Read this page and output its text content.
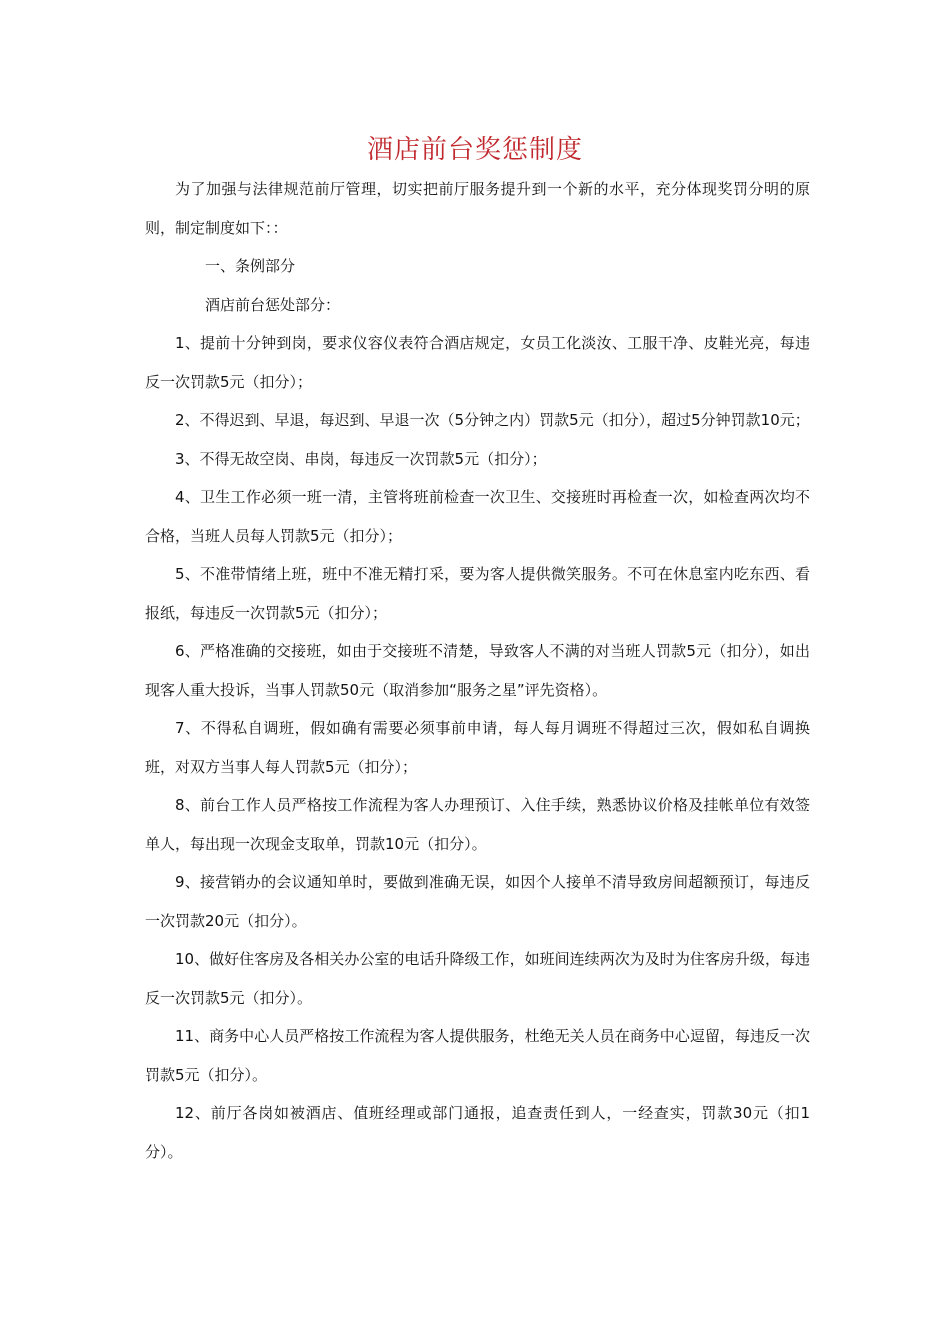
酒店前台奖惩制度

为了加强与法律规范前厅管理，切实把前厅服务提升到一个新的水平，充分体现奖罚分明的原则，制定制度如下：：

一、条例部分

酒店前台惩处部分：

1、提前十分钟到岗，要求仪容仪表符合酒店规定，女员工化淡汝、工服干净、皮鞋光亮，每违反一次罚款5元（扣分）；

2、不得迟到、早退，每迟到、早退一次（5分钟之内）罚款5元（扣分），超过5分钟罚款10元；

3、不得无故空岗、串岗，每违反一次罚款5元（扣分）；

4、卫生工作必须一班一清，主管将班前检查一次卫生、交接班时再检查一次，如检查两次均不合格，当班人员每人罚款5元（扣分）；

5、不准带情绪上班，班中不准无精打采，要为客人提供微笑服务。不可在休息室内吃东西、看报纸，每违反一次罚款5元（扣分）；

6、严格准确的交接班，如由于交接班不清楚，导致客人不满的对当班人罚款5元（扣分），如出现客人重大投诉，当事人罚款50元（取消参加“服务之星”评先资格）。

7、不得私自调班，假如确有需要必须事前申请，每人每月调班不得超过三次，假如私自调换班，对双方当事人每人罚款5元（扣分）；

8、前台工作人员严格按工作流程为客人办理预订、入住手续，熟悉协议价格及挂帐单位有效签单人，每出现一次现金支取单，罚款10元（扣分）。

9、接营销办的会议通知单时，要做到准确无误，如因个人接单不清导致房间超额预订，每违反一次罚款20元（扣分）。

10、做好住客房及各相关办公室的电话升降级工作，如班间连续两次为及时为住客房升级，每违反一次罚款5元（扣分）。

11、商务中心人员严格按工作流程为客人提供服务，杜绝无关人员在商务中心逗留，每违反一次罚款5元（扣分）。

12、前厅各岗如被酒店、值班经理或部门通报，追查责任到人，一经查实，罚款30元（扣1分）。
